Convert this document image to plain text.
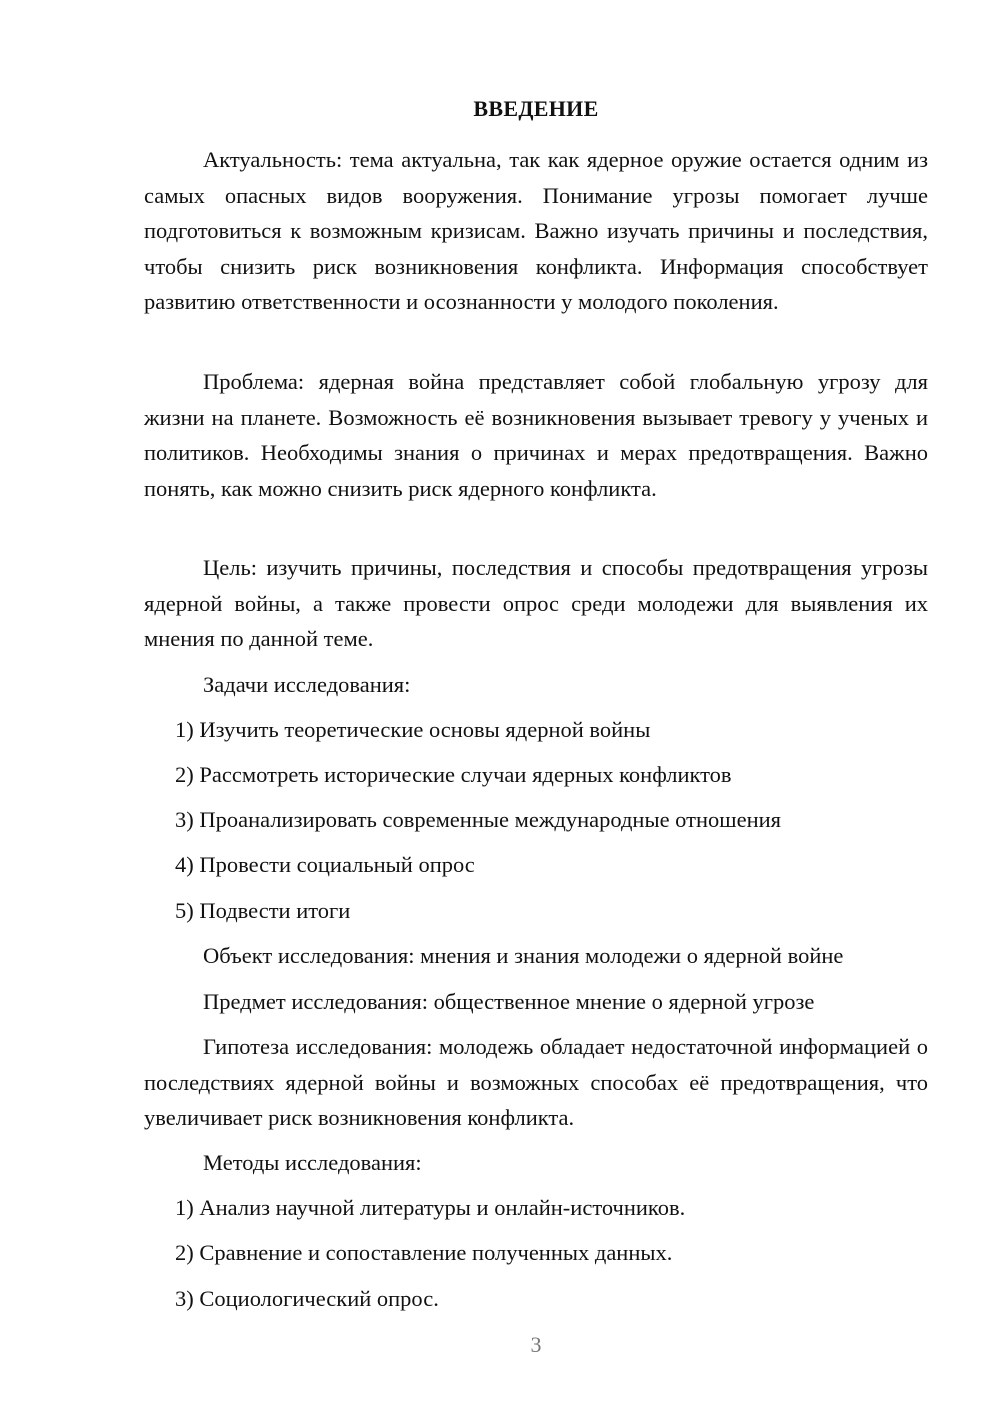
ВВЕДЕНИЕ

Актуальность: тема актуальна, так как ядерное оружие остается одним из самых опасных видов вооружения. Понимание угрозы помогает лучше подготовиться к возможным кризисам. Важно изучать причины и последствия, чтобы снизить риск возникновения конфликта. Информация способствует развитию ответственности и осознанности у молодого поколения.

Проблема: ядерная война представляет собой глобальную угрозу для жизни на планете. Возможность её возникновения вызывает тревогу у ученых и политиков. Необходимы знания о причинах и мерах предотвращения. Важно понять, как можно снизить риск ядерного конфликта.

Цель: изучить причины, последствия и способы предотвращения угрозы ядерной войны, а также провести опрос среди молодежи для выявления их мнения по данной теме.

Задачи исследования:

1) Изучить теоретические основы ядерной войны

2) Рассмотреть исторические случаи ядерных конфликтов

3) Проанализировать современные международные отношения

4) Провести социальный опрос

5) Подвести итоги

Объект исследования: мнения и знания молодежи о ядерной войне

Предмет исследования: общественное мнение о ядерной угрозе

Гипотеза исследования: молодежь обладает недостаточной информацией о последствиях ядерной войны и возможных способах её предотвращения, что увеличивает риск возникновения конфликта.

Методы исследования:

1) Анализ научной литературы и онлайн-источников.

2) Сравнение и сопоставление полученных данных.

3) Социологический опрос.

3
